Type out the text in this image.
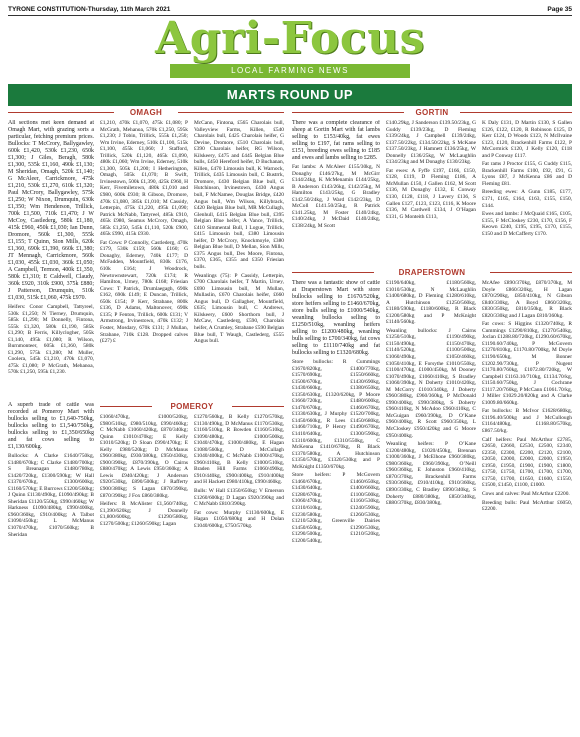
TYRONE CONSTITUTION-Thursday, 11th March 2021	Page 35
Agri-Focus
LOCAL FARMING NEWS
MARTS ROUND UP
OMAGH
POMEROY
GORTIN
DRAPERSTOWN

All sections met keen demand at Omagh Mart, with grazing sorts a particular, fetching premium prices. Bullocks: T McCrory, Ballygawley, 600k £1,420, 530k £1,230, 650k £1,300; J Giles, Beragh, 580k £1,300, 535k £1,160, 490k £1,130; M Sheridan, Omagh, 520k £1,140; G McAleer, Carrickmore, 475k £1,210, 530k £1,270, 610k £1,320; Paul McCrory, Ballygawley, 575k £1,250; W Nixon, Drumquin, 630k £1,350; Wm Henderson, Trillick, 700k £1,500, 710k £1,470; J W McCoy, Castlederg, 580k £1,180, 415k £960, 450k £1,030; Ian Dunn, Dromore, 560k £1,300, 555k £1,155; T Quinn, Sion Mills, 620k £1,360, 690k £1,390, 660k £1,380; JT Mennagh, Carrickmore, 560k £1,030, 455k £1,030, 360k £1,050; A Campbell, Termon, 400k £1,350, 580k £1,310; E Caldwell, Claudy, 360k £920, 310k £900, 375k £880; J Patterson, Drumquin, 510k £1,030, 515k £1,060, 475k £970.

Heifers: Conor Campbell, Tattyreel, 530k £1,250; N Tierney, Drumquin, 585k £1,290; M Donnelly, Fintona, 555k £1,320, 580k £1,190, 585k £1,290; B Ferris, Killyclogher, 505k £1,140, 495k £1,080; R Wilson, Burnmonteer, 605k £1,360, 580k £1,290, 575k £1,280; M Muller, Coolera, 545k £1,210, 470k £1,070, 475k £1,080; P McGrath, Mehanoa, 570k £1,250, 595k £1,230.

A superb trade of cattle was recorded at Pomeroy Mart with bullocks selling to £1,640-750kg, bullocks selling to £1,540/750kg, bullocks selling to £1,350/650kg and fat cows selling to £1,130/600kg.

Bullocks: A Clarke £1640/750kg, £1480/670kg; C Clarke £1480/700kg; S Breanagan £1480/780kg, £1420/720kg, £1300/590kg; W Hall £1370/670kg, £1300/600kg, £1160/570kg; E Burrows £1200/560kg; J Quinn £1130/490kg, £1090/490kg; B Sheridan £1120/550kg, £990/460kg; W Harkness £1090/480kg, £990/400kg, £960/360kg, £910/400kg; A Talbot £1090/450kg; L McManus £1070/470kg, £1070/560kg; B Sheridan

£1,210, 470k £1,070, 475k £1,080; P McGrath, Mehanoa, 570k £1,250, 595k £1,230; J Tobin, Trillick, 555k £1,250; Wm Irvine, Ederney, 510k £1,100, 515k £1,100, 455k £1,060; J Stafford, Trillick, 520k £1,120, 465k £1,090, 480k £1,060; Wm Irvine, Ederney, 510k £1,300, 505k £1,200; I Hetherington, Omagh, 505k £1,070; B Swift, Irvinestown, 500k £1,390, 425k £960, H Kerr, Fivemiletown, 480k £1,010 and £980, 600k £930; R Gibson, Dromore, 470k £1,080, 385k £1,010; M Cassidy, Letterpin, 475k £1,220, 495k £1,090; Patrick McNabb, Tattyreel, 485k £910, 465k £980, Seamus McCrory, Omagh, 585k £1,250, 545k £1,110, 520k £900, 465k £990, 415k £930.

Fat Cows: P Connolly, Castlederg, 470k £179, 530k £159; 560k £160; G Donaghy, Ederney, 740k £177; D McFadden, Mountfield, 830k £176, 610k £164; J Woodrock, Newtownstewart, 720k £174; R Hamilton, Urney, 780k £168; Friesian Cows: T Patrick, Drumlaegagh, 690k £162, 690k £149; E Duncan, Trillick, 650k £154; P Kerr, Strabane, 800k £136, D Adams, Maltonover, 690k £135; P Fenton, Trillick, 600k £131; V Armstrong, Irvinestown, 470k £132; J Foster, Mosdary, 670k £131; J Mullan, Strabane, 710k £128. Dropped calves (£27) £

£1060/470kg, £1000/520kg, £980/510kg, £980/510kg, £990/460kg; C McNabb £1060/420kg, £870/340kg; Quinn £1010/470kg; E Kelly £1010/520kg; D Sloan £990/470kg; E Kelly £980/520kg; D McManus £960/380kg, £930/380kg, £950/430kg, £900/390kg, £870/390kg, O Cairns £880/470kg; A Lewis £950/360kg; A Lewis £940/420kg; J Anderson £920/530kg, £890/500kg; J Rafferty £900/380kg; S Lagan £870/390kg, £870/390kg; J Fox £860/380kg.

Heifers: R McAlister £1,560/740kg, £1,390/620kg; J Donnelly £1,800/600kg, £1290/580kg, £1270/500kg; £1260/590kg; Lagan

McCann, Fintona, £565 Charolais bull, Valleyview Farms, Killen, £540 Charolais bull, £425 Charolais heifer, G Devine, Dromore, £510 Charolais bull, £390 Charolais heifer, RG Wilson, Kilskeery, £475 and £445 Belgian Blue bulls, £450 Hereford heifer, D Buchanan, Killen, £470 Limousin bull, K Warnock, Trillick, £435 Limousin bull, C Bustrrk, Dromore, £430 Belgian Blue bull, G Hutchinson, Irvinestown, £430 Angus bull, F McNamee, Douglas Bridge, £420 Angus bull, Wm Wilson, Killybrack, £420 Belgian Blue bull, MR McCullagh, Glenhull, £415 Belgian Blue bull, £395 Belgian Blue heifer, A Vance, Trillick, £410 Simmental Bull, I Logue, Trillick, £415 Limousin bull, £380 Limousin heifer, D McCrory, Knockmoyle, £380 Belgian Blue bull, D Mellan, Sion Mills, £375 Angus bull, Des Moore, Fintona, £370, £365, £355 and £350 Friesian bulls.

Weanlings (75): P Cassidy, Letterpin, £700 Charolais heifer, T Martin, Urney, £690 Limousin bull, M Mullan, Mullaslin, £670 Charolais heifer, £660 Angus bull, D Gallagher, Mountfield, £635; Limousin bull, C Andrews, Kilskeery, £600 Shorthorn bull, J McCaw, Castlederg, £590, Charolais heifer, A Crumley, Strabane £590 Belgian Blue bull, T Waugh, Castlederg, £555 Angus bull.

£1270/560kg, B Kelly £1270/570kg, £1130/490kg, D McManus £1170/530kg, £1160/510kg, R Bowden £1160/510kg, £1090/480kg, £1000/500kg, £1040/470kg, £1000/480kg, E Hagan £1080/560kg, D McCullagh £1040/400kg, C McNabb £1000/470kg, £960/410kg, B Kelly £1000/510kg, Braden Hill Farms £1060/490kg, £910/440kg, £900/400kg, £910/400kg and H Hackett £980/410kg, £990/460kg.

Bulls: W Hall £1350/650kg; V Emerson £1260/600kg; D Lagan £920/390kg and C McNabb £810/390kg.

Fat cows: Murphy £1130/600kg, E Hagan £1050/680kg and H Dolan £1040/600kg, £750/570kg.

There was a complete clearance of sheep at Gortin Mart with fat lambs selling to £153/40kg, fat ewes selling to £197, fat rams selling to £151, breeding ewes selling to £185 and ewes and lambs selling to £285.

Fat lambs: A McAleer £155/30kg, N Donaghy £146/27kg, M McGirr £144/24kg, K McMenamin £144/25kg, B Anderson £143/26kg, £142/25kg, M Hamilton £143/25kg, G Bradley £142.50/24kg, J Ward £142/23kg, D McColl £141.50/25kg, R Patrick £141.25kg, M Foster £140/24kg, £140/24kg, J McDaid £140/24kg, £138/24kg, M Scott

There was a fantastic show of cattle at Draperstown Mart with store bullocks selling to £1670/520kg, store heifers selling to £1460/670kg, store bulls selling to £1000/540kg, weanling bullocks selling to £1250/510kg, weanling heifers selling to £1200/480kg, weanling bulls selling to £700/340kg, fat cows selling to £1110/740kg and fat bullocks selling to £1320/680kg.

Store bullocks: R Cummings £1670/820kg, £1400/770kg, £1570/690kg, £1550/660kg, £1500/670kg, £1430/690kg, £1430/660kg, £1380/650kg, £1350/630kg, £1320/620kg, P Moore £1660/720kg, £1480/600kg, £1470/670kg, £1460/670kg, £1330/630kg, J Murphy £1520/700kg, £1450/660kg, R Lees £1450/680kg, £1460/710kg, P Henry £1490/670kg, £1410/640kg, £1300/590kg, £1310/600kg, £1310/550kg, C McKenna £1410/670kg, R Black £1370/580kg, A Hutchinson £1350/570kg, £1320/530kg and P McKnight £1350/670kg.

Store heifers: P McGovern £1460/670kg, £1460/650kg, £1430/640kg, £1400/660kg, £1280/670kg, £1100/500kg, £1060/470kg, £1160/530kg, £1310/610kg, £1240/590kg, £1230/580kg, £1260/530kg, £1210/520kg, Greenville Dairies £1450/650kg, £1290/530kg, £1290/500kg, £1210/520kg, £1200/540kg,

£140.29kg, J Sanderson £139.50/23kg, G Guddy £139/23kg, D Fleming £139/24kg, J Campbell £139/24kg, £137.50/22kg, £134.50/22kg, S McKane £137.50/23kg, J Hamnett £136/25kg, W Donnelly £136/25kg, W McLaughlin £134/23kg and M Donaghy £130/23kg.

Fat ewes: A Fyffe £197, £166, £150, £128, £119, D Fleming £186, A McMullan £150, J Gallen £162, M Scott £136, M Donaghy £132, E Conway £130, £128, £118, J Lavery £136, S Gallen £127, £123, £123, £116, K Moore £136, M Cardwell £134, J O’Hagan £131, G Monteith £113,

£1190/640kg, £1180/560kg, £1010/530kg, N McLaughlin £1400/680kg, D Fleming £1280/610kg, A Hutchinson £1250/560kg, £1180/590kg, £1180/600kg, R Black £1200/580kg and P McKnight £1140/560kg.

Weanling bullocks: J Cairns £1250/510kg, £1190/490kg, £1150/490kg, £1150/470kg, £1140/520kg, £1100/500kg, £1060/490kg, £1050/460kg, £1050/410kg, E Forsythe £1010/550kg, £1100/470kg, £1000/450kg, M Dooney £1070/490kg, £1060/410kg, S Bradley £1060/390kg, N Doherty £1010/420kg, M McCorry £1010/340kg, J Doherty £960/380kg, £960/360kg, P McDonald £990/400kg, £990/380kg, S Doherty £960/410kg, N McAdoo £960/410kg, C McGuigan £960/390kg, D O’Kane £960/400kg, R Scott £960/350kg, L McCloskey £950/420kg and G Moore £950/400kg.

Weanling heifers: P O’Kane £1200/480kg, £1020/450kg, Brennan £1000/360kg, J McElhone £960/380kg, £980/360kg, £960/390kg, O’Neill £960/360kg, E Johnston £960/410kg, £870/370kg, Brackenhill Farms £930/360kg, £910/410kg, £910/360kg, £890/330kg, C Bradley £890/340kg, S Doherty £880/380kg, £850/340kg, £880/370kg, £830/380kg,

K Daly £131, D Martin £130, S Gallen £126, £122, £120, R Robinson £125, D Kerr £124, D Woods £123, N McIlvaine £123, £120, Brackenhill Farms £122, P McCormick £120, J Kelly £120, £118 and P Conway £117.

Fat rams J Proctor £155, G Cuddy £115, Brackenhill Farms £100, £92, £91, G Lyons £87, J McKenna £86 and D Fleming £81.

Breeding ewes: A Gunn £185, £177, £171, £165, £164, £163, £155, £150, £144.

Ewes and lambs: J McQuaid £165, £105, £155, F McCloskey £230, £170, £156, F Keown £240, £195, £195, £170, £155, £150 and D McCafferty £170.

McAfee £890/370kg, £870/370kg, M Doyle £860/320kg, H Lagan £870/290kg, £850/410kg, N Gibson £840/330kg, A Boyd £860/320kg, £830/350kg, £810/350kg, R Black £820/330kg and J Lagan £810/360kg.

Fat cows: S Higgins £1320/740kg, R Cummings £1290/810kg, £1270/540kg, Joclan £1288.80/720kg, £1290.60/670kg, £1190.60/740kg, P McGovern £1270/810kg, £1170.80/700kg, M Doyle £1190/650kg, M Bonner £1202.90/730kg, P Nugent £1170.80/760kg, £1072.80/720kg, W Campbell £1163.10/710kg, £1134.70/kg, £1150.60/750kg, J Cochrane £1117.20/760kg, P McCann £1061.70/kg, J Miller £1029.20/820kg and A Clarke £1009.80/660kg.

Fat bullocks: B McIvor £1628/680kg, £1196.40/500kg and J McCullough £1164/480kg, £1168.80/570kg, £867.50/kg.

Calf heifers: Paul McArthur £2785, £2650, £2660, £2530, £2500, £2340, £2350, £2300, £2200, £2120, £2100, £2050, £2000, £2000, £2000, £1950, £1950, £1950, £1900, £1900, £1800, £1750, £1750, £1700, £1700, £1700, £1750, £1700, £1650, £1600, £1550, £1500, £1450, £1100, £1000.

Cows and calves: Paul McArthur £2200.

Breeding bulls: Paul McArthur £6050, £2200.
